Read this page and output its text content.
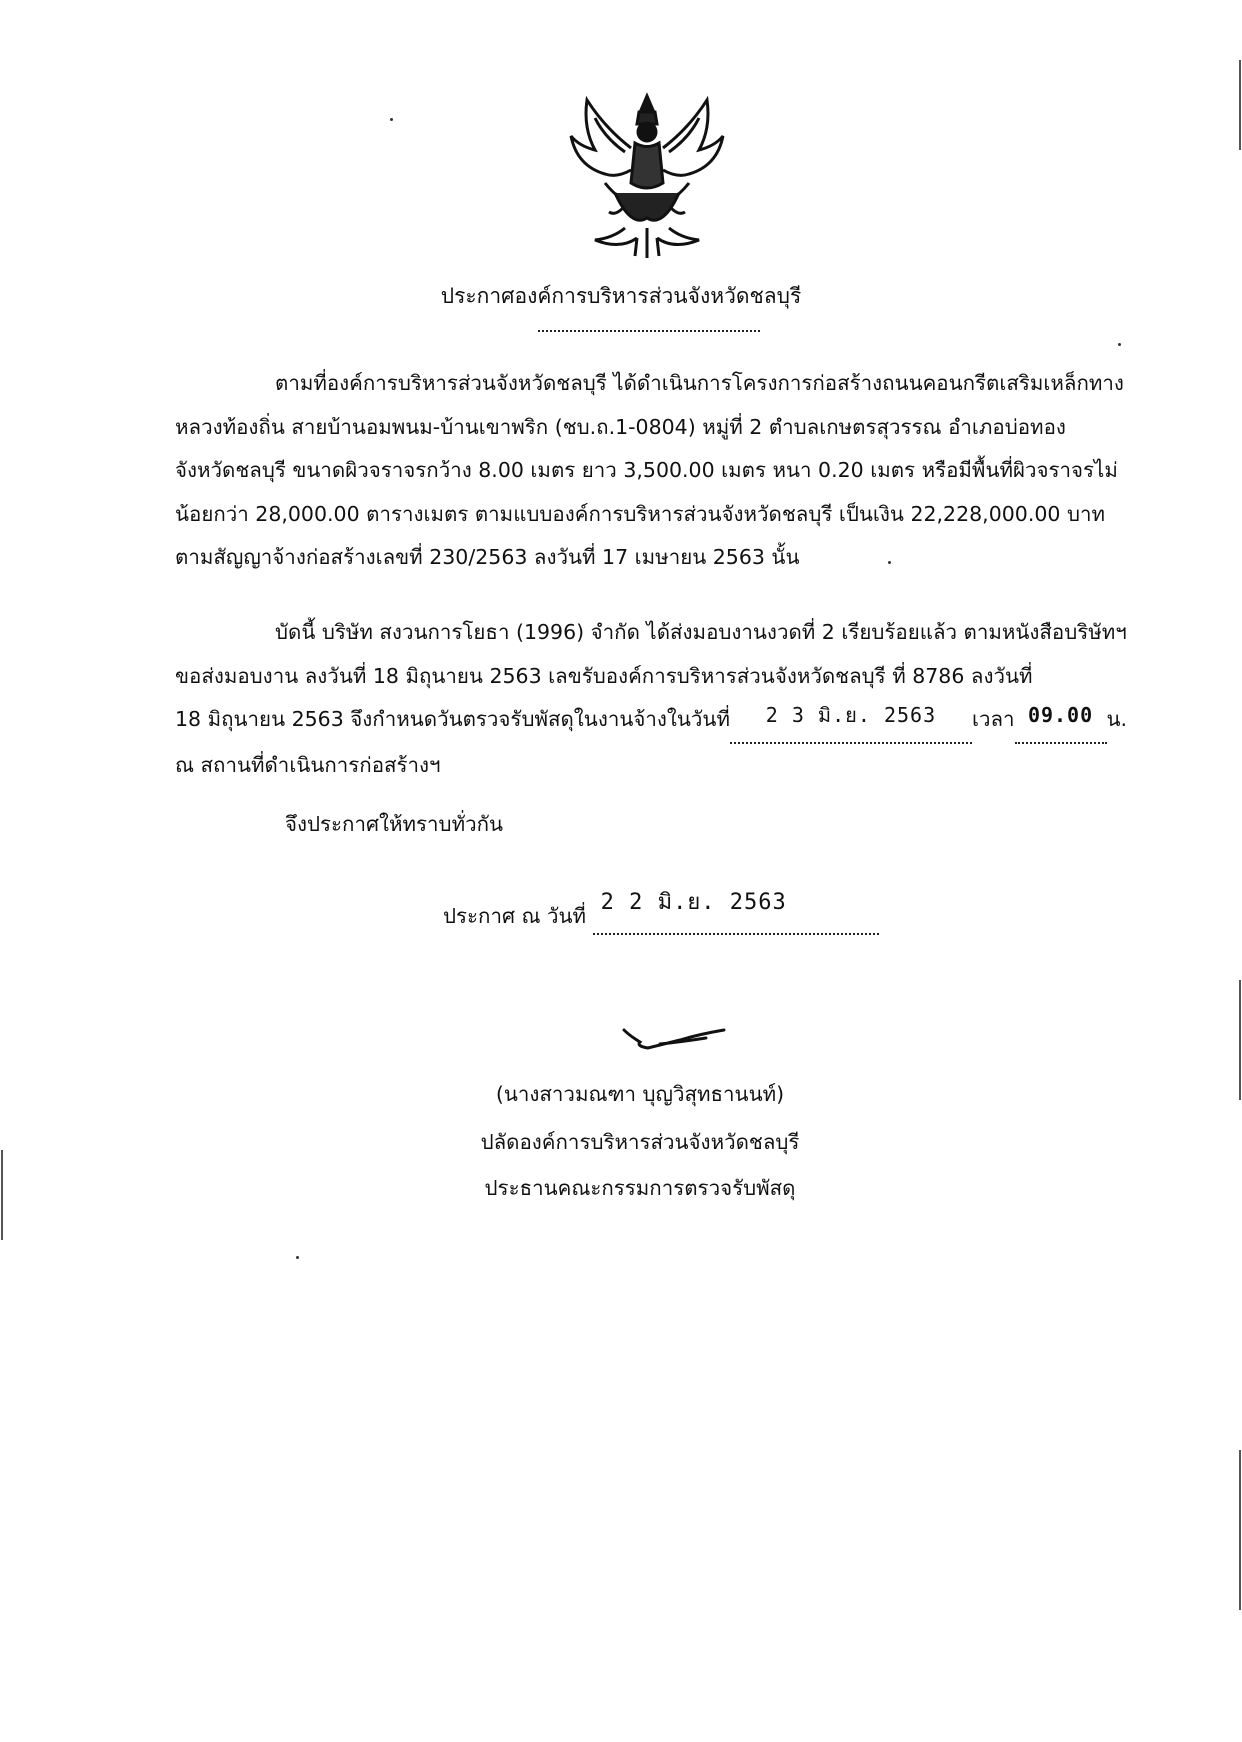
ประกาศองค์การบริหารส่วนจังหวัดชลบุรี
ตามที่องค์การบริหารส่วนจังหวัดชลบุรี ได้ดำเนินการโครงการก่อสร้างถนนคอนกรีตเสริมเหล็กทาง
หลวงท้องถิ่น สายบ้านอมพนม-บ้านเขาพริก (ชบ.ถ.1-0804) หมู่ที่ 2 ตำบลเกษตรสุวรรณ อำเภอบ่อทอง
จังหวัดชลบุรี ขนาดผิวจราจรกว้าง 8.00 เมตร ยาว 3,500.00 เมตร หนา 0.20 เมตร หรือมีพื้นที่ผิวจราจรไม่
น้อยกว่า 28,000.00 ตารางเมตร ตามแบบองค์การบริหารส่วนจังหวัดชลบุรี เป็นเงิน 22,228,000.00 บาท
ตามสัญญาจ้างก่อสร้างเลขที่ 230/2563 ลงวันที่ 17 เมษายน 2563 นั้น
บัดนี้ บริษัท สงวนการโยธา (1996) จำกัด ได้ส่งมอบงานงวดที่ 2 เรียบร้อยแล้ว ตามหนังสือบริษัทฯ
ขอส่งมอบงาน ลงวันที่ 18 มิถุนายน 2563 เลขรับองค์การบริหารส่วนจังหวัดชลบุรี ที่ 8786 ลงวันที่
18 มิถุนายน 2563 จึงกำหนดวันตรวจรับพัสดุในงานจ้างในวันที่ 2 3 มิ.ย. 2563 เวลา 09.00 น.
ณ สถานที่ดำเนินการก่อสร้างฯ
จึงประกาศให้ทราบทั่วกัน
ประกาศ ณ วันที่ 2 2 มิ.ย. 2563
(นางสาวมณฑา บุญวิสุทธานนท์)
ปลัดองค์การบริหารส่วนจังหวัดชลบุรี
ประธานคณะกรรมการตรวจรับพัสดุ
